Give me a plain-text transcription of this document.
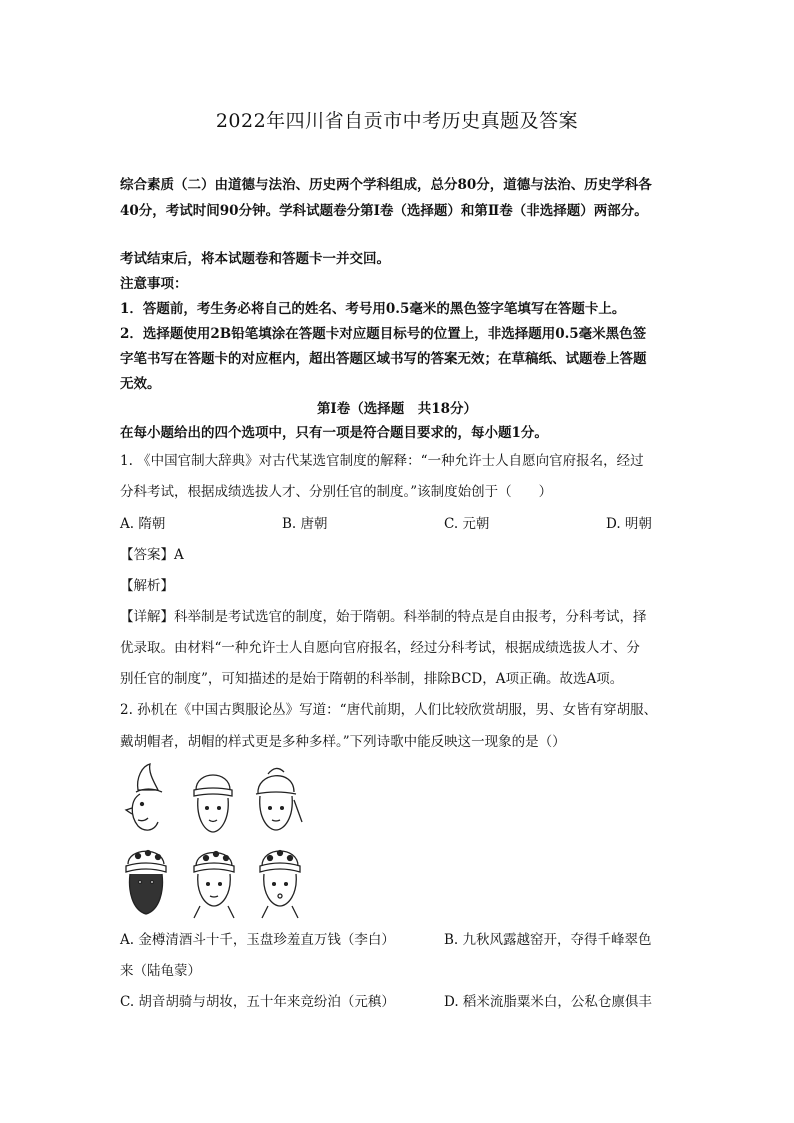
2022年四川省自贡市中考历史真题及答案
综合素质（二）由道德与法治、历史两个学科组成，总分80分，道德与法治、历史学科各
40分，考试时间90分钟。学科试题卷分第Ⅰ卷（选择题）和第Ⅱ卷（非选择题）两部分。
考试结束后，将本试题卷和答题卡一并交回。
注意事项：
1．答题前，考生务必将自己的姓名、考号用0.5毫米的黑色签字笔填写在答题卡上。
2．选择题使用2B铅笔填涂在答题卡对应题目标号的位置上，非选择题用0.5毫米黑色签
字笔书写在答题卡的对应框内，超出答题区域书写的答案无效；在草稿纸、试题卷上答题
无效。
第Ⅰ卷（选择题　共18分）
在每小题给出的四个选项中，只有一项是符合题目要求的，每小题1分。
1. 《中国官制大辞典》对古代某选官制度的解释：“一种允许士人自愿向官府报名，经过
分科考试，根据成绩选拔人才、分别任官的制度。”该制度始创于（　　）
A. 隋朝	B. 唐朝	C. 元朝	D. 明朝
【答案】A
【解析】
【详解】科举制是考试选官的制度，始于隋朝。科举制的特点是自由报考，分科考试，择
优录取。由材料“一种允许士人自愿向官府报名，经过分科考试，根据成绩选拔人才、分
别任官的制度”，可知描述的是始于隋朝的科举制，排除BCD，A项正确。故选A项。
2. 孙机在《中国古舆服论丛》写道：“唐代前期，人们比较欣赏胡服，男、女皆有穿胡服、
戴胡帽者，胡帽的样式更是多种多样。”下列诗歌中能反映这一现象的是（）
A. 金樽清酒斗十千，玉盘珍羞直万钱（李白）	B. 九秋风露越窑开，夺得千峰翠色
来（陆龟蒙）
C. 胡音胡骑与胡妆，五十年来竞纷泊（元稹）	D. 稻米流脂粟米白，公私仓廪俱丰
